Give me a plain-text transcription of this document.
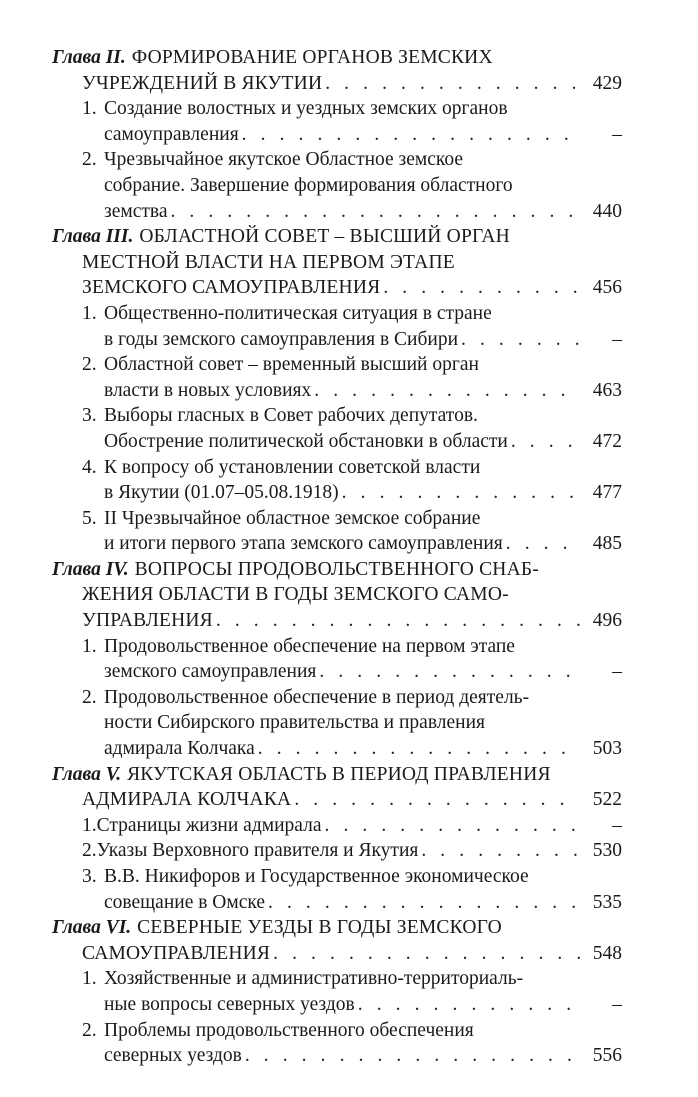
Глава II. ФОРМИРОВАНИЕ ОРГАНОВ ЗЕМСКИХ
УЧРЕЖДЕНИЙ В ЯКУТИИ . . .	429
1. Создание волостных и уездных земских органов
самоуправления . . .	–
2. Чрезвычайное якутское Областное земское
собрание. Завершение формирования областного
земства . . .	440
Глава III. ОБЛАСТНОЙ СОВЕТ – ВЫСШИЙ ОРГАН
МЕСТНОЙ ВЛАСТИ НА ПЕРВОМ ЭТАПЕ
ЗЕМСКОГО САМОУПРАВЛЕНИЯ . . .	456
1. Общественно-политическая ситуация в стране
в годы земского самоуправления в Сибири . . .	–
2. Областной совет – временный высший орган
власти в новых условиях . . .	463
3. Выборы гласных в Совет рабочих депутатов.
Обострение политической обстановки в области . . .	472
4. К вопросу об установлении советской власти
в Якутии (01.07–05.08.1918) . . .	477
5. II Чрезвычайное областное земское собрание
и итоги первого этапа земского самоуправления . . .	485
Глава IV. ВОПРОСЫ ПРОДОВОЛЬСТВЕННОГО СНАБ-
ЖЕНИЯ ОБЛАСТИ В ГОДЫ ЗЕМСКОГО САМО-
УПРАВЛЕНИЯ . . .	496
1. Продовольственное обеспечение на первом этапе
земского самоуправления . . .	–
2. Продовольственное обеспечение в период деятель-
ности Сибирского правительства и правления
адмирала Колчака . . .	503
Глава V. ЯКУТСКАЯ ОБЛАСТЬ В ПЕРИОД ПРАВЛЕНИЯ
АДМИРАЛА КОЛЧАКА . . .	522
1. Страницы жизни адмирала . . .	–
2. Указы Верховного правителя и Якутия . . .	530
3. В.В. Никифоров и Государственное экономическое
совещание в Омске . . .	535
Глава VI. СЕВЕРНЫЕ УЕЗДЫ В ГОДЫ ЗЕМСКОГО
САМОУПРАВЛЕНИЯ . . .	548
1. Хозяйственные и административно-территориаль-
ные вопросы северных уездов . . .	–
2. Проблемы продовольственного обеспечения
северных уездов . . .	556
